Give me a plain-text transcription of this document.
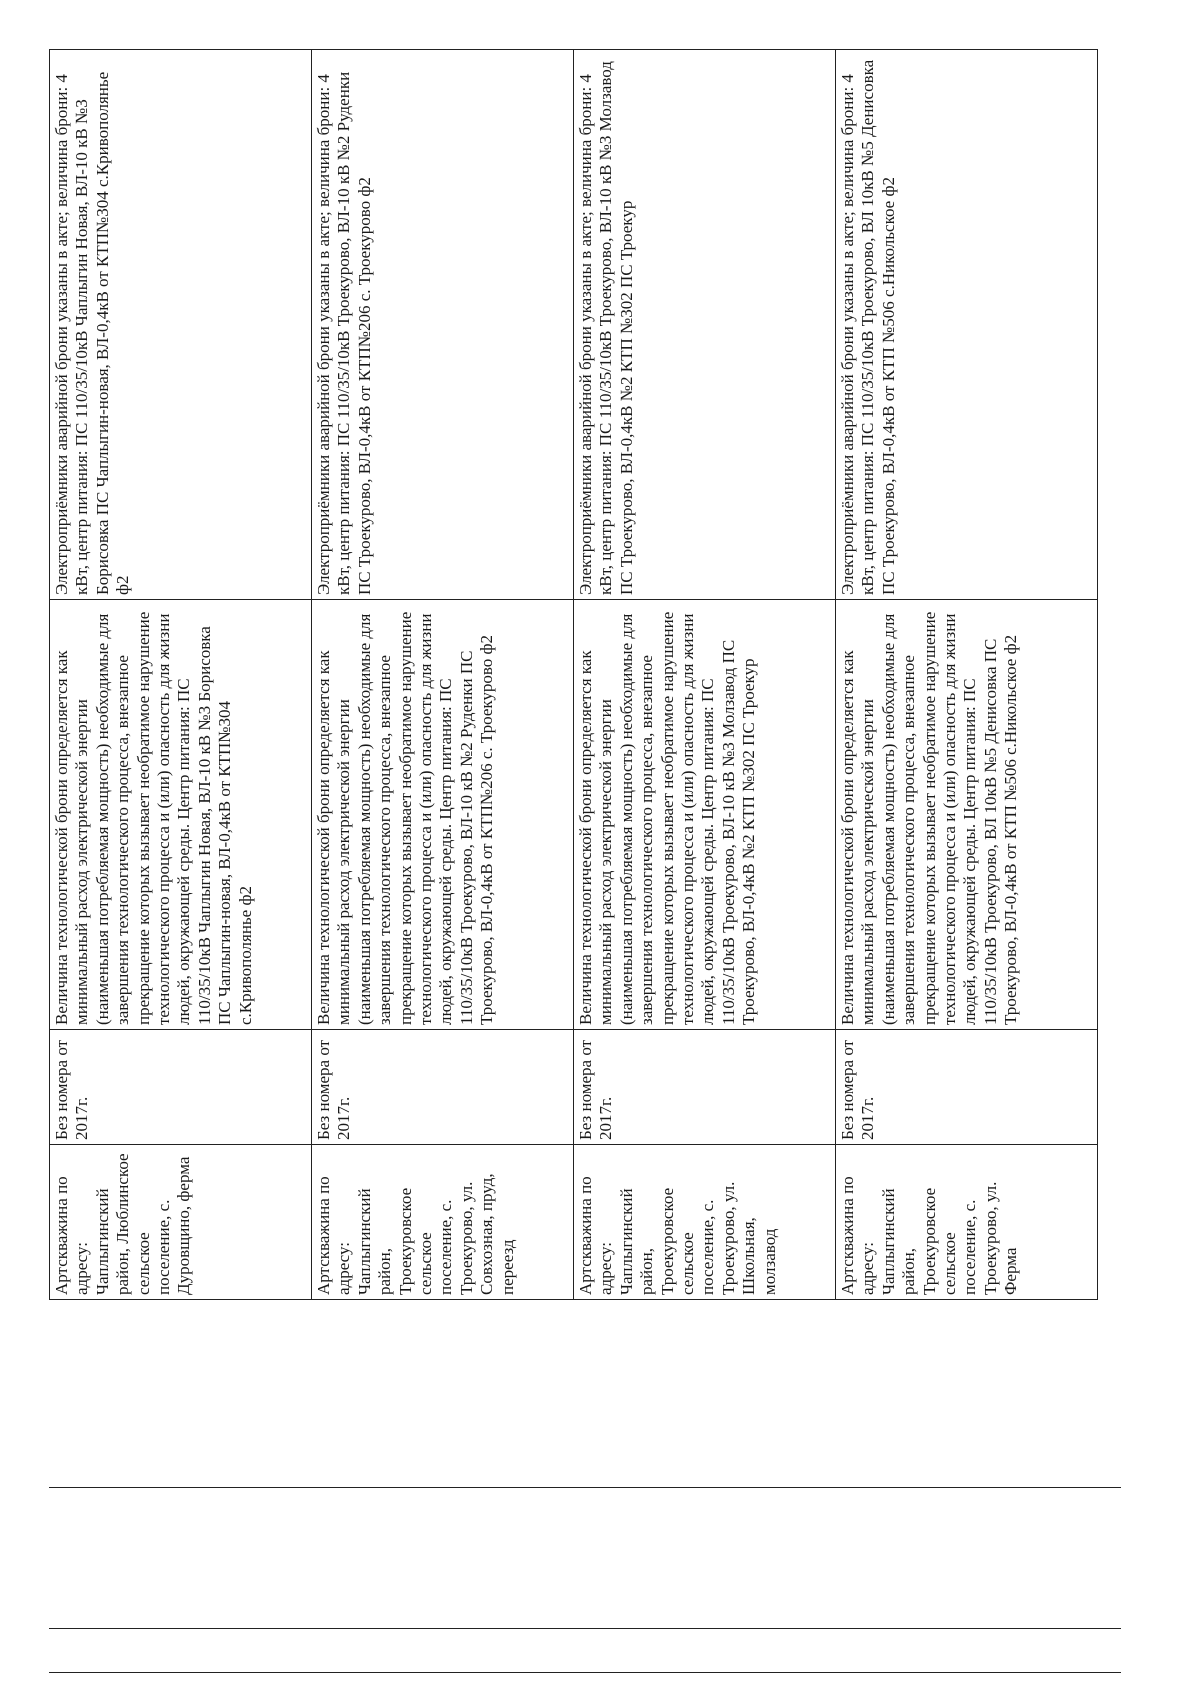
Артскважина по адресу: Чаплыгинский район, Люблинское сельское поселение, с. Дуровщино, ферма	Без номера от 2017г.	Величина технологической брони определяется как минимальный расход электрической энергии (наименьшая потребляемая мощность) необходимые для завершения технологического процесса, внезапное прекращение которых вызывает необратимое нарушение технологического процесса и (или) опасность для жизни людей, окружающей среды. Центр питания: ПС 110/35/10кВ Чаплыгин Новая, ВЛ-10 кВ №3 Борисовка ПС Чаплыгин-новая, ВЛ-0,4кВ от КТП№304 с.Кривополянье ф2	Электроприёмники аварийной брони указаны в акте; величина брони: 4 кВт, центр питания: ПС 110/35/10кВ Чаплыгин Новая, ВЛ-10 кВ №3 Борисовка ПС Чаплыгин-новая, ВЛ-0,4кВ от КТП№304 с.Кривополянье ф2
Артскважина по адресу: Чаплыгинский район, Троекуровское сельское поселение, с. Троекурово, ул. Совхозная, пруд, переезд	Без номера от 2017г.	Величина технологической брони определяется как минимальный расход электрической энергии (наименьшая потребляемая мощность) необходимые для завершения технологического процесса, внезапное прекращение которых вызывает необратимое нарушение технологического процесса и (или) опасность для жизни людей, окружающей среды. Центр питания: ПС 110/35/10кВ Троекурово, ВЛ-10 кВ №2 Руденки ПС Троекурово, ВЛ-0,4кВ от КТП№206 с. Троекурово ф2	Электроприёмники аварийной брони указаны в акте; величина брони: 4 кВт, центр питания: ПС 110/35/10кВ Троекурово, ВЛ-10 кВ №2 Руденки ПС Троекурово, ВЛ-0,4кВ от КТП№206 с. Троекурово ф2
Артскважина по адресу: Чаплыгинский район, Троекуровское сельское поселение, с. Троекурово, ул. Школьная, молзавод	Без номера от 2017г.	Величина технологической брони определяется как минимальный расход электрической энергии (наименьшая потребляемая мощность) необходимые для завершения технологического процесса, внезапное прекращение которых вызывает необратимое нарушение технологического процесса и (или) опасность для жизни людей, окружающей среды. Центр питания: ПС 110/35/10кВ Троекурово, ВЛ-10 кВ №3 Молзавод ПС Троекурово, ВЛ-0,4кВ №2 КТП №302 ПС Троекур	Электроприёмники аварийной брони указаны в акте; величина брони: 4 кВт, центр питания: ПС 110/35/10кВ Троекурово, ВЛ-10 кВ №3 Молзавод ПС Троекурово, ВЛ-0,4кВ №2 КТП №302 ПС Троекур
Артскважина по адресу: Чаплыгинский район, Троекуровское сельское поселение, с. Троекурово, ул. Ферма	Без номера от 2017г.	Величина технологической брони определяется как минимальный расход электрической энергии (наименьшая потребляемая мощность) необходимые для завершения технологического процесса, внезапное прекращение которых вызывает необратимое нарушение технологического процесса и (или) опасность для жизни людей, окружающей среды. Центр питания: ПС 110/35/10кВ Троекурово, ВЛ 10кВ №5 Денисовка ПС Троекурово, ВЛ-0,4кВ от КТП №506 с.Никольское ф2	Электроприёмники аварийной брони указаны в акте; величина брони: 4 кВт, центр питания: ПС 110/35/10кВ Троекурово, ВЛ 10кВ №5 Денисовка ПС Троекурово, ВЛ-0,4кВ от КТП №506 с.Никольское ф2
